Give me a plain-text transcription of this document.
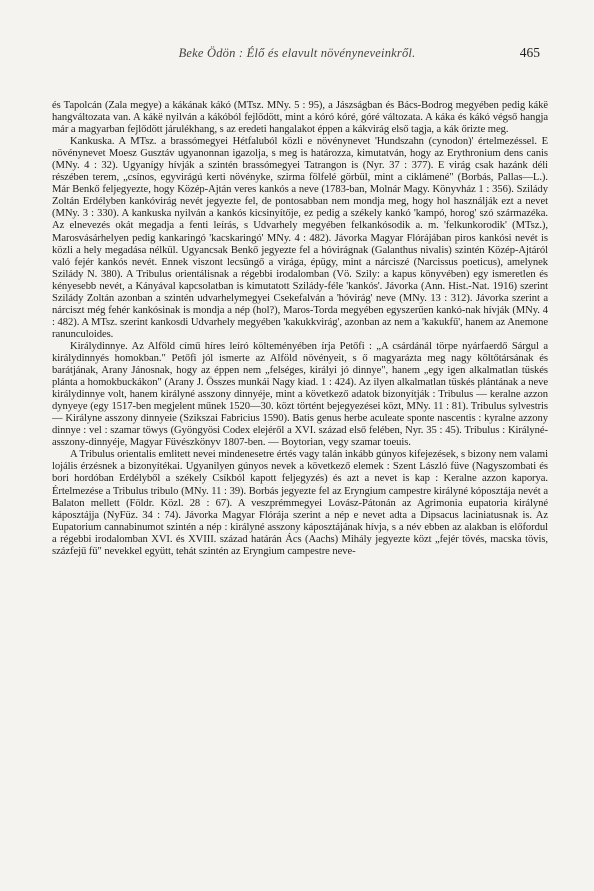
Beke Ödön : Élő és elavult növényneveinkről.	465

és Tapolcán (Zala megye) a kákának kákó (MTsz. MNy. 5 : 95), a Jászságban és Bács-Bodrog megyében pedig kákë hangváltozata van. A kákë nyilván a kákóból fejlődött, mint a kóró kóré, góré változata. A káka és kákó végső hangja már a magyarban fejlődött járulékhang, s az eredeti hangalakot éppen a kákvirág első tagja, a kák őrizte meg.

Kankuska. A MTsz. a brassómegyei Hétfaluból közli e növénynevet 'Hundszahn (cynodon)' értelmezéssel. E növénynevet Moesz Gusztáv ugyanonnan igazolja, s meg is határozza, kimutatván, hogy az Erythronium dens canis (MNy. 4 : 32). Ugyanígy hívják a szintén brassómegyei Tatrangon is (Nyr. 37 : 377). E virág csak hazánk déli részében terem, „csínos, egyvirágú kerti növényke, szirma fölfelé görbül, mint a ciklámené" (Borbás, Pallas—L.). Már Benkő feljegyezte, hogy Közép-Ajtán veres kankós a neve (1783-ban, Molnár Magy. Könyvház 1 : 356). Szilády Zoltán Erdélyben kankóvirág nevét jegyezte fel, de pontosabban nem mondja meg, hogy hol használják ezt a nevet (MNy. 3 : 330). A kankuska nyilván a kankós kicsinyítője, ez pedig a székely kankó 'kampó, horog' szó származéka. Az elnevezés okát megadja a fenti leírás, s Udvarhely megyében felkankósodik a. m. 'felkunkorodik' (MTsz.), Marosvásárhelyen pedig kankaringó 'kacskaringó' MNy. 4 : 482). Jávorka Magyar Flórájában piros kankósi nevét is közli a hely megadása nélkül. Ugyancsak Benkő jegyezte fel a hóvirágnak (Galanthus nivalis) szintén Közép-Ajtáról való fejér kankós nevét. Ennek viszont lecsüngő a virága, épügy, mint a nárciszé (Narcissus poeticus), amelynek Szilády N. 380). A Tribulus orientálisnak a régebbi irodalomban (Vö. Szily: a kapus könyvében) egy ismeretlen és kényesebb nevét, a Kányával kapcsolatban is kimutatott Szilády-féle 'kankós'. Jávorka (Ann. Hist.-Nat. 1916) szerint Szilády Zoltán azonban a szintén udvarhelymegyei Csekefalván a 'hóvirág' neve (MNy. 13 : 312). Jávorka szerint a nárciszt még fehér kankósinak is mondja a nép (hol?), Maros-Torda megyében egyszerűen kankó-nak hívják (MNy. 4 : 482). A MTsz. szerint kankosdi Udvarhely megyében 'kakukkvirág', azonban az nem a 'kakukfű', hanem az Anemone ranunculoides.

Királydinnye. Az Alföld című híres leíró költeményében írja Petőfi : „A csárdánál törpe nyárfaerdő Sárgul a királydinnyés homokban." Petőfi jól ismerte az Alföld növényeit, s ő magyarázta meg nagy költőtársának és barátjának, Arany Jánosnak, hogy az éppen nem „felséges, királyi jó dinnye", hanem „egy igen alkalmatlan tüskés plánta a homokbuckákon" (Arany J. Összes munkái Nagy kiad. 1 : 424). Az ilyen alkalmatlan tüskés plántának a neve királydinnye volt, hanem királyné asszony dinnyéje, mint a következő adatok bizonyítják : Tribulus — keralne azzon dynyeye (egy 1517-ben megjelent műnek 1520—30. közt történt bejegyezései közt, MNy. 11 : 81). Tribulus sylvestris — Királyne asszony dinnyeie (Szikszai Fabricius 1590). Batis genus herbe aculeate sponte nascentis : kyralne azzony dinnye : vel : szamar töwys (Gyöngyösi Codex elejéről a XVI. század első felében, Nyr. 35 : 45). Tribulus : Királyné-asszony-dinnyéje, Magyar Füvészkönyv 1807-ben. — Boytorian, vegy szamar toeuis.

A Tribulus orientalis emlitett nevei mindenesetre értés vagy talán inkább gúnyos kifejezések, s bizony nem valami lojális érzésnek a bizonyítékai. Ugyanilyen gúnyos nevek a következő elemek : Szent László füve (Nagyszombati és bori hordóban Erdélyből a székely Csíkból kapott feljegyzés) és azt a nevet is kap : Keralne azzon kaporya. Értelmezése a Tribulus tribulo (MNy. 11 : 39). Borbás jegyezte fel az Eryngium campestre királyné kóposztája nevét a Balaton mellett (Földr. Közl. 28 : 67). A veszprémmegyei Lovász-Pátonán az Agrimonia eupatoria királyné káposztájja (NyFüz. 34 : 74). Jávorka Magyar Flórája szerint a nép e nevet adta a Dipsacus laciniatusnak is. Az Eupatorium cannabinumot szintén a nép : királyné asszony káposztájának hívja, s a név ebben az alakban is előfordul a régebbi irodalomban XVI. és XVIII. század határán Ács (Aachs) Mihály jegyezte közt „fejér tövés, macska tövis, százfejű fű" nevekkel együtt, tehát szintén az Eryngium campestre neve-
